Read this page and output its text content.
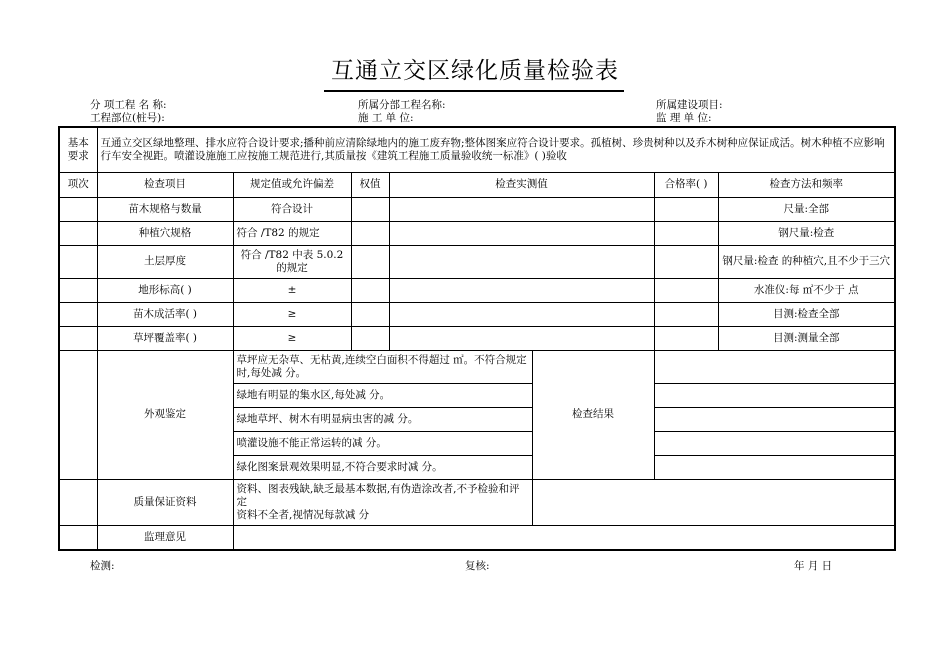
互通立交区绿化质量检验表
分 项工程 名 称:	所属分部工程名称:	所属建设项目:
工程部位(桩号):	施 工 单 位:	监 理 单 位:
基本要求	互通立交区绿地整理、排水应符合设计要求;播种前应清除绿地内的施工废弃物;整体图案应符合设计要求。孤植树、珍贵树种以及乔木树种应保证成活。树木种植不应影响行车安全视距。喷灌设施施工应按施工规范进行,其质量按《建筑工程施工质量验收统一标准》( )验收						
项次	检查项目	规定值或允许偏差	权值	检查实测值		合格率( )	检查方法和频率
	苗木规格与数量	符合设计					尺量:全部
	种植穴规格	符合 /T82 的规定					钢尺量:检查
	土层厚度	符合 /T82 中表 5.0.2 的规定					钢尺量:检查 的种植穴,且不少于三穴
	地形标高( )	±					水准仪:每 ㎡不少于 点
	苗木成活率( )	≥					目测:检查全部
	草坪覆盖率( )	≥					目测:测量全部
	外观鉴定	草坪应无杂草、无枯黄,连续空白面积不得超过 ㎡。不符合规定时,每处减 分。			检查结果		
		绿地有明显的集水区,每处减 分。					
		绿地草坪、树木有明显病虫害的减 分。					
		喷灌设施不能正常运转的减 分。					
		绿化图案景观效果明显,不符合要求时减 分。					
	质量保证资料	资料、图表残缺,缺乏最基本数据,有伪造涂改者,不予检验和评定
资料不全者,视情况每款减 分					

	监理意见						
检测:	复核:	年 月 日
